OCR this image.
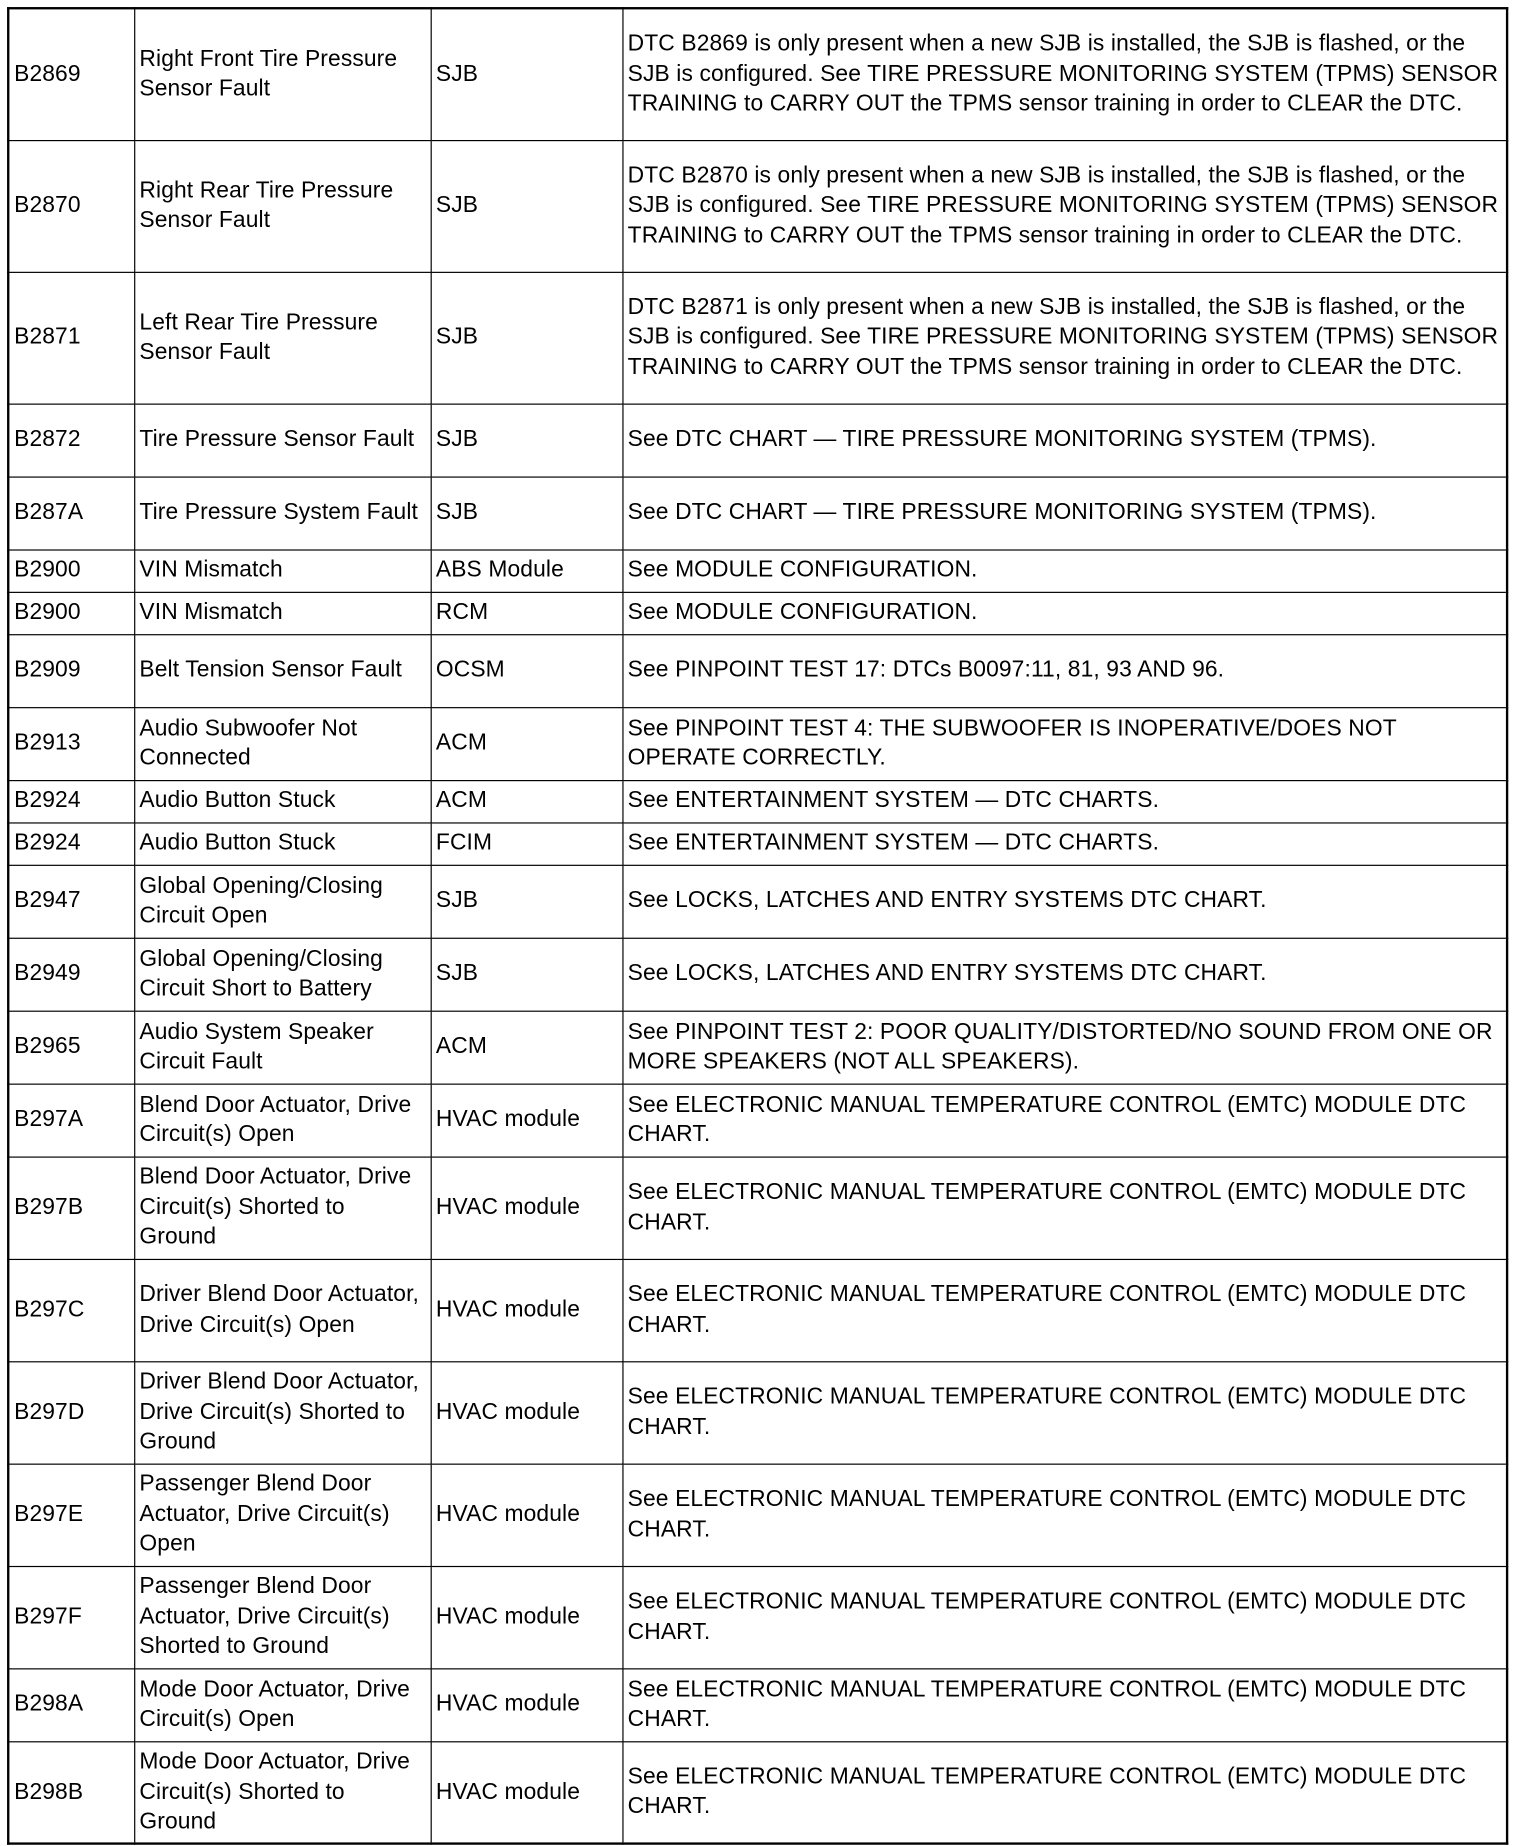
B2869	Right Front Tire Pressure Sensor Fault	SJB	DTC B2869 is only present when a new SJB is installed, the SJB is flashed, or the SJB is configured. See TIRE PRESSURE MONITORING SYSTEM (TPMS) SENSOR TRAINING to CARRY OUT the TPMS sensor training in order to CLEAR the DTC.
B2870	Right Rear Tire Pressure Sensor Fault	SJB	DTC B2870 is only present when a new SJB is installed, the SJB is flashed, or the SJB is configured. See TIRE PRESSURE MONITORING SYSTEM (TPMS) SENSOR TRAINING to CARRY OUT the TPMS sensor training in order to CLEAR the DTC.
B2871	Left Rear Tire Pressure Sensor Fault	SJB	DTC B2871 is only present when a new SJB is installed, the SJB is flashed, or the SJB is configured. See TIRE PRESSURE MONITORING SYSTEM (TPMS) SENSOR TRAINING to CARRY OUT the TPMS sensor training in order to CLEAR the DTC.
B2872	Tire Pressure Sensor Fault	SJB	See DTC CHART — TIRE PRESSURE MONITORING SYSTEM (TPMS).
B287A	Tire Pressure System Fault	SJB	See DTC CHART — TIRE PRESSURE MONITORING SYSTEM (TPMS).
B2900	VIN Mismatch	ABS Module	See MODULE CONFIGURATION.
B2900	VIN Mismatch	RCM	See MODULE CONFIGURATION.
B2909	Belt Tension Sensor Fault	OCSM	See PINPOINT TEST 17: DTCs B0097:11, 81, 93 AND 96.
B2913	Audio Subwoofer Not Connected	ACM	See PINPOINT TEST 4: THE SUBWOOFER IS INOPERATIVE/DOES NOT OPERATE CORRECTLY.
B2924	Audio Button Stuck	ACM	See ENTERTAINMENT SYSTEM — DTC CHARTS.
B2924	Audio Button Stuck	FCIM	See ENTERTAINMENT SYSTEM — DTC CHARTS.
B2947	Global Opening/Closing Circuit Open	SJB	See LOCKS, LATCHES AND ENTRY SYSTEMS DTC CHART.
B2949	Global Opening/Closing Circuit Short to Battery	SJB	See LOCKS, LATCHES AND ENTRY SYSTEMS DTC CHART.
B2965	Audio System Speaker Circuit Fault	ACM	See PINPOINT TEST 2: POOR QUALITY/DISTORTED/NO SOUND FROM ONE OR MORE SPEAKERS (NOT ALL SPEAKERS).
B297A	Blend Door Actuator, Drive Circuit(s) Open	HVAC module	See ELECTRONIC MANUAL TEMPERATURE CONTROL (EMTC) MODULE DTC CHART.
B297B	Blend Door Actuator, Drive Circuit(s) Shorted to Ground	HVAC module	See ELECTRONIC MANUAL TEMPERATURE CONTROL (EMTC) MODULE DTC CHART.
B297C	Driver Blend Door Actuator, Drive Circuit(s) Open	HVAC module	See ELECTRONIC MANUAL TEMPERATURE CONTROL (EMTC) MODULE DTC CHART.
B297D	Driver Blend Door Actuator, Drive Circuit(s) Shorted to Ground	HVAC module	See ELECTRONIC MANUAL TEMPERATURE CONTROL (EMTC) MODULE DTC CHART.
B297E	Passenger Blend Door Actuator, Drive Circuit(s) Open	HVAC module	See ELECTRONIC MANUAL TEMPERATURE CONTROL (EMTC) MODULE DTC CHART.
B297F	Passenger Blend Door Actuator, Drive Circuit(s) Shorted to Ground	HVAC module	See ELECTRONIC MANUAL TEMPERATURE CONTROL (EMTC) MODULE DTC CHART.
B298A	Mode Door Actuator, Drive Circuit(s) Open	HVAC module	See ELECTRONIC MANUAL TEMPERATURE CONTROL (EMTC) MODULE DTC CHART.
B298B	Mode Door Actuator, Drive Circuit(s) Shorted to Ground	HVAC module	See ELECTRONIC MANUAL TEMPERATURE CONTROL (EMTC) MODULE DTC CHART.
